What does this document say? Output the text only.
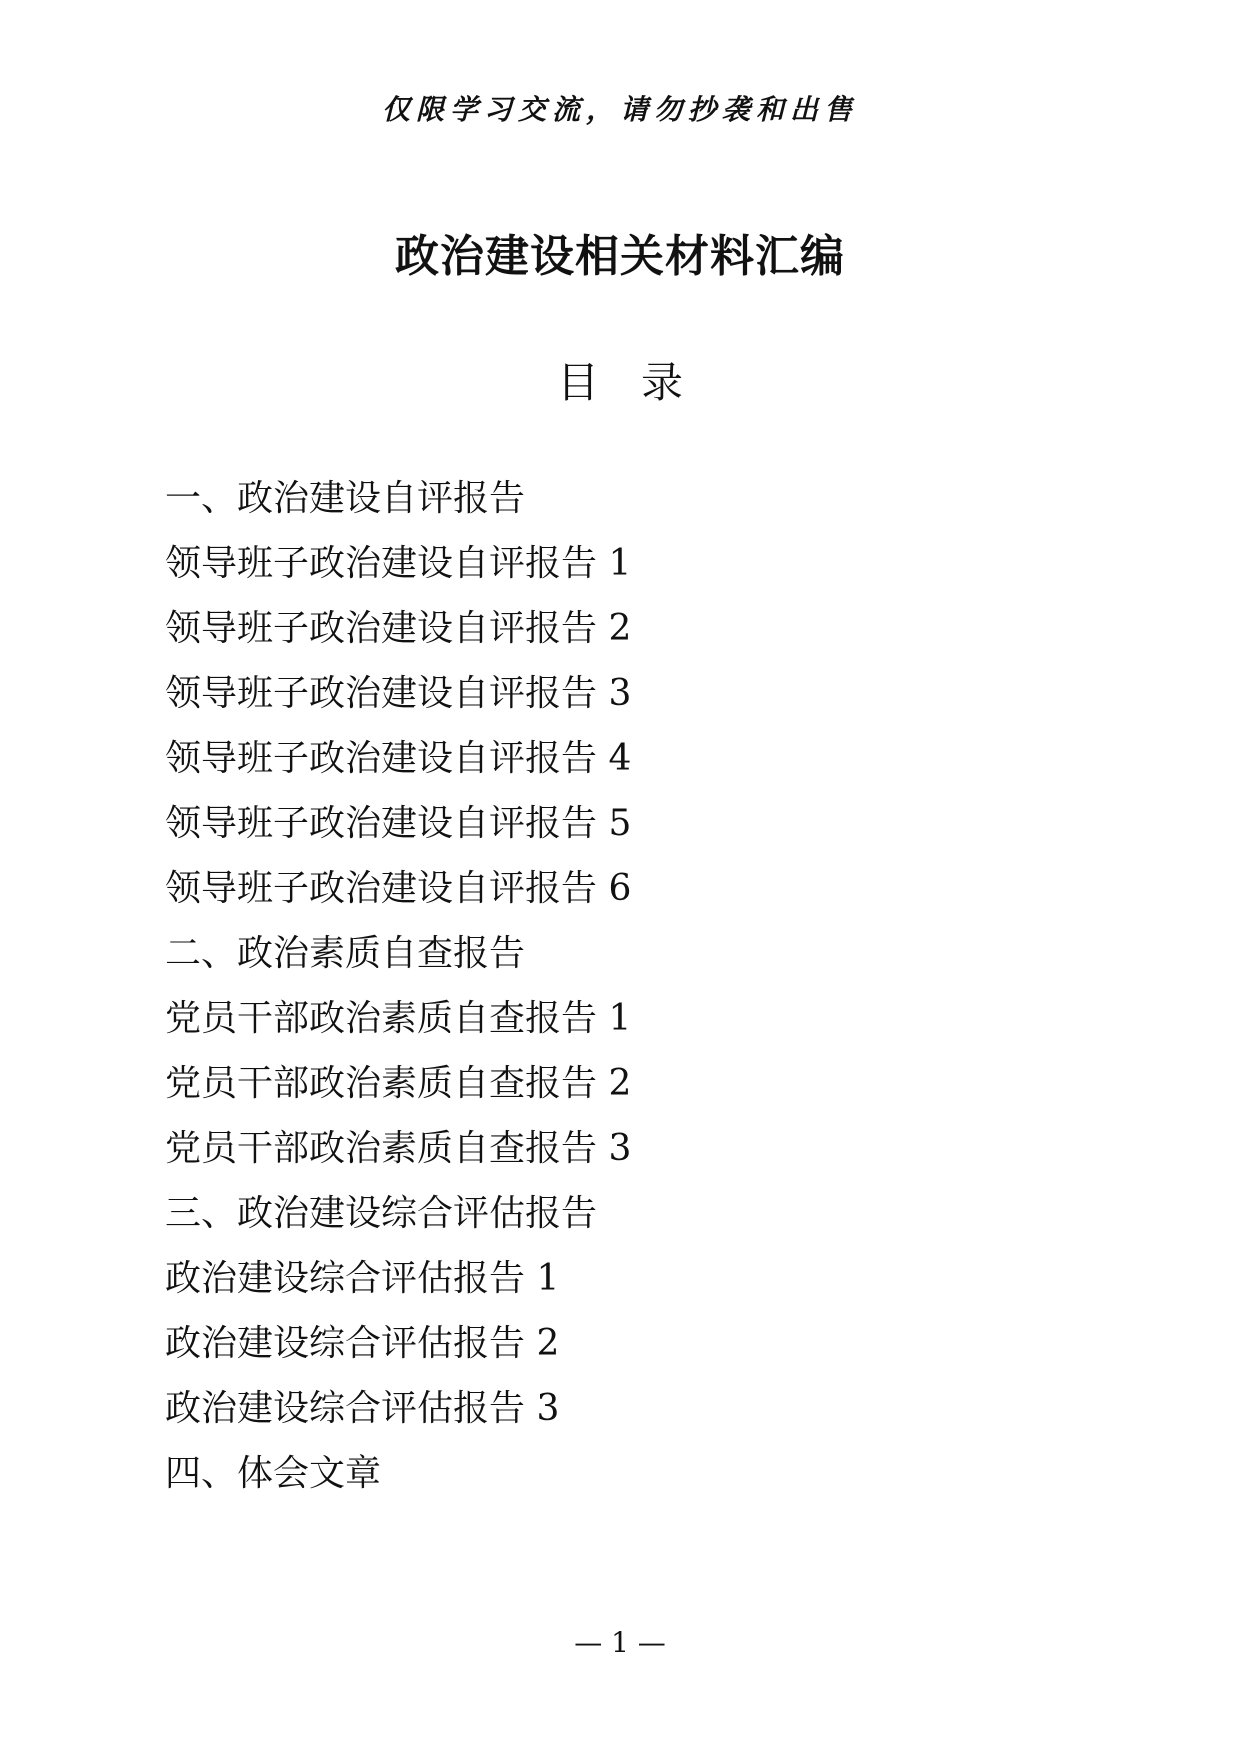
仅限学习交流，请勿抄袭和出售
政治建设相关材料汇编
目　录
一、政治建设自评报告
领导班子政治建设自评报告 1
领导班子政治建设自评报告 2
领导班子政治建设自评报告 3
领导班子政治建设自评报告 4
领导班子政治建设自评报告 5
领导班子政治建设自评报告 6
二、政治素质自查报告
党员干部政治素质自查报告 1
党员干部政治素质自查报告 2
党员干部政治素质自查报告 3
三、政治建设综合评估报告
政治建设综合评估报告 1
政治建设综合评估报告 2
政治建设综合评估报告 3
四、体会文章
— 1 —
